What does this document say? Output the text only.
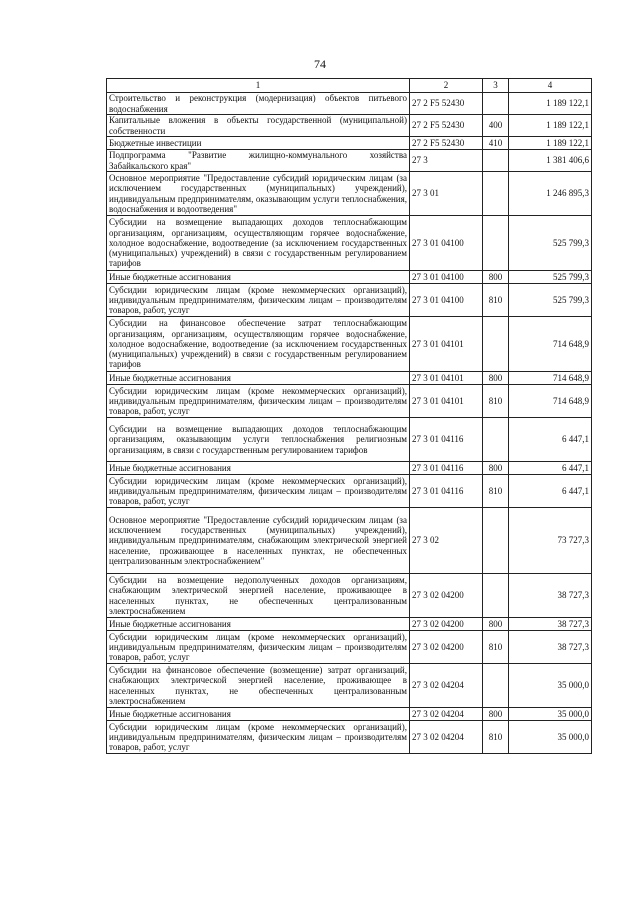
74
1	2	3	4
Строительство и реконструкция (модернизация) объектов питьевого водоснабжения	27 2 F5 52430		1 189 122,1
Капитальные вложения в объекты государственной (муниципальной) собственности	27 2 F5 52430	400	1 189 122,1
Бюджетные инвестиции	27 2 F5 52430	410	1 189 122,1
Подпрограмма "Развитие жилищно-коммунального хозяйства Забайкальского края"	27 3		1 381 406,6
Основное мероприятие "Предоставление субсидий юридическим лицам (за исключением государственных (муниципальных) учреждений), индивидуальным предпринимателям, оказывающим услуги теплоснабжения, водоснабжения и водоотведения"	27 3 01		1 246 895,3
Субсидии на возмещение выпадающих доходов теплоснабжающим организациям, организациям, осуществляющим горячее водоснабжение, холодное водоснабжение, водоотведение (за исключением государственных (муниципальных) учреждений) в связи с государственным регулированием тарифов	27 3 01 04100		525 799,3
Иные бюджетные ассигнования	27 3 01 04100	800	525 799,3
Субсидии юридическим лицам (кроме некоммерческих организаций), индивидуальным предпринимателям, физическим лицам – производителям товаров, работ, услуг	27 3 01 04100	810	525 799,3
Субсидии на финансовое обеспечение затрат теплоснабжающим организациям, организациям, осуществляющим горячее водоснабжение, холодное водоснабжение, водоотведение (за исключением государственных (муниципальных) учреждений) в связи с государственным регулированием тарифов	27 3 01 04101		714 648,9
Иные бюджетные ассигнования	27 3 01 04101	800	714 648,9
Субсидии юридическим лицам (кроме некоммерческих организаций), индивидуальным предпринимателям, физическим лицам – производителям товаров, работ, услуг	27 3 01 04101	810	714 648,9
Субсидии на возмещение выпадающих доходов теплоснабжающим организациям, оказывающим услуги теплоснабжения религиозным организациям, в связи с государственным регулированием тарифов	27 3 01 04116		6 447,1
Иные бюджетные ассигнования	27 3 01 04116	800	6 447,1
Субсидии юридическим лицам (кроме некоммерческих организаций), индивидуальным предпринимателям, физическим лицам – производителям товаров, работ, услуг	27 3 01 04116	810	6 447,1
Основное мероприятие "Предоставление субсидий юридическим лицам (за исключением государственных (муниципальных) учреждений), индивидуальным предпринимателям, снабжающим электрической энергией население, проживающее в населенных пунктах, не обеспеченных централизованным электроснабжением"	27 3 02		73 727,3
Субсидии на возмещение недополученных доходов организациям, снабжающим электрической энергией население, проживающее в населенных пунктах, не обеспеченных централизованным электроснабжением	27 3 02 04200		38 727,3
Иные бюджетные ассигнования	27 3 02 04200	800	38 727,3
Субсидии юридическим лицам (кроме некоммерческих организаций), индивидуальным предпринимателям, физическим лицам – производителям товаров, работ, услуг	27 3 02 04200	810	38 727,3
Субсидии на финансовое обеспечение (возмещение) затрат организаций, снабжающих электрической энергией население, проживающее в населенных пунктах, не обеспеченных централизованным электроснабжением	27 3 02 04204		35 000,0
Иные бюджетные ассигнования	27 3 02 04204	800	35 000,0
Субсидии юридическим лицам (кроме некоммерческих организаций), индивидуальным предпринимателям, физическим лицам – производителям товаров, работ, услуг	27 3 02 04204	810	35 000,0
